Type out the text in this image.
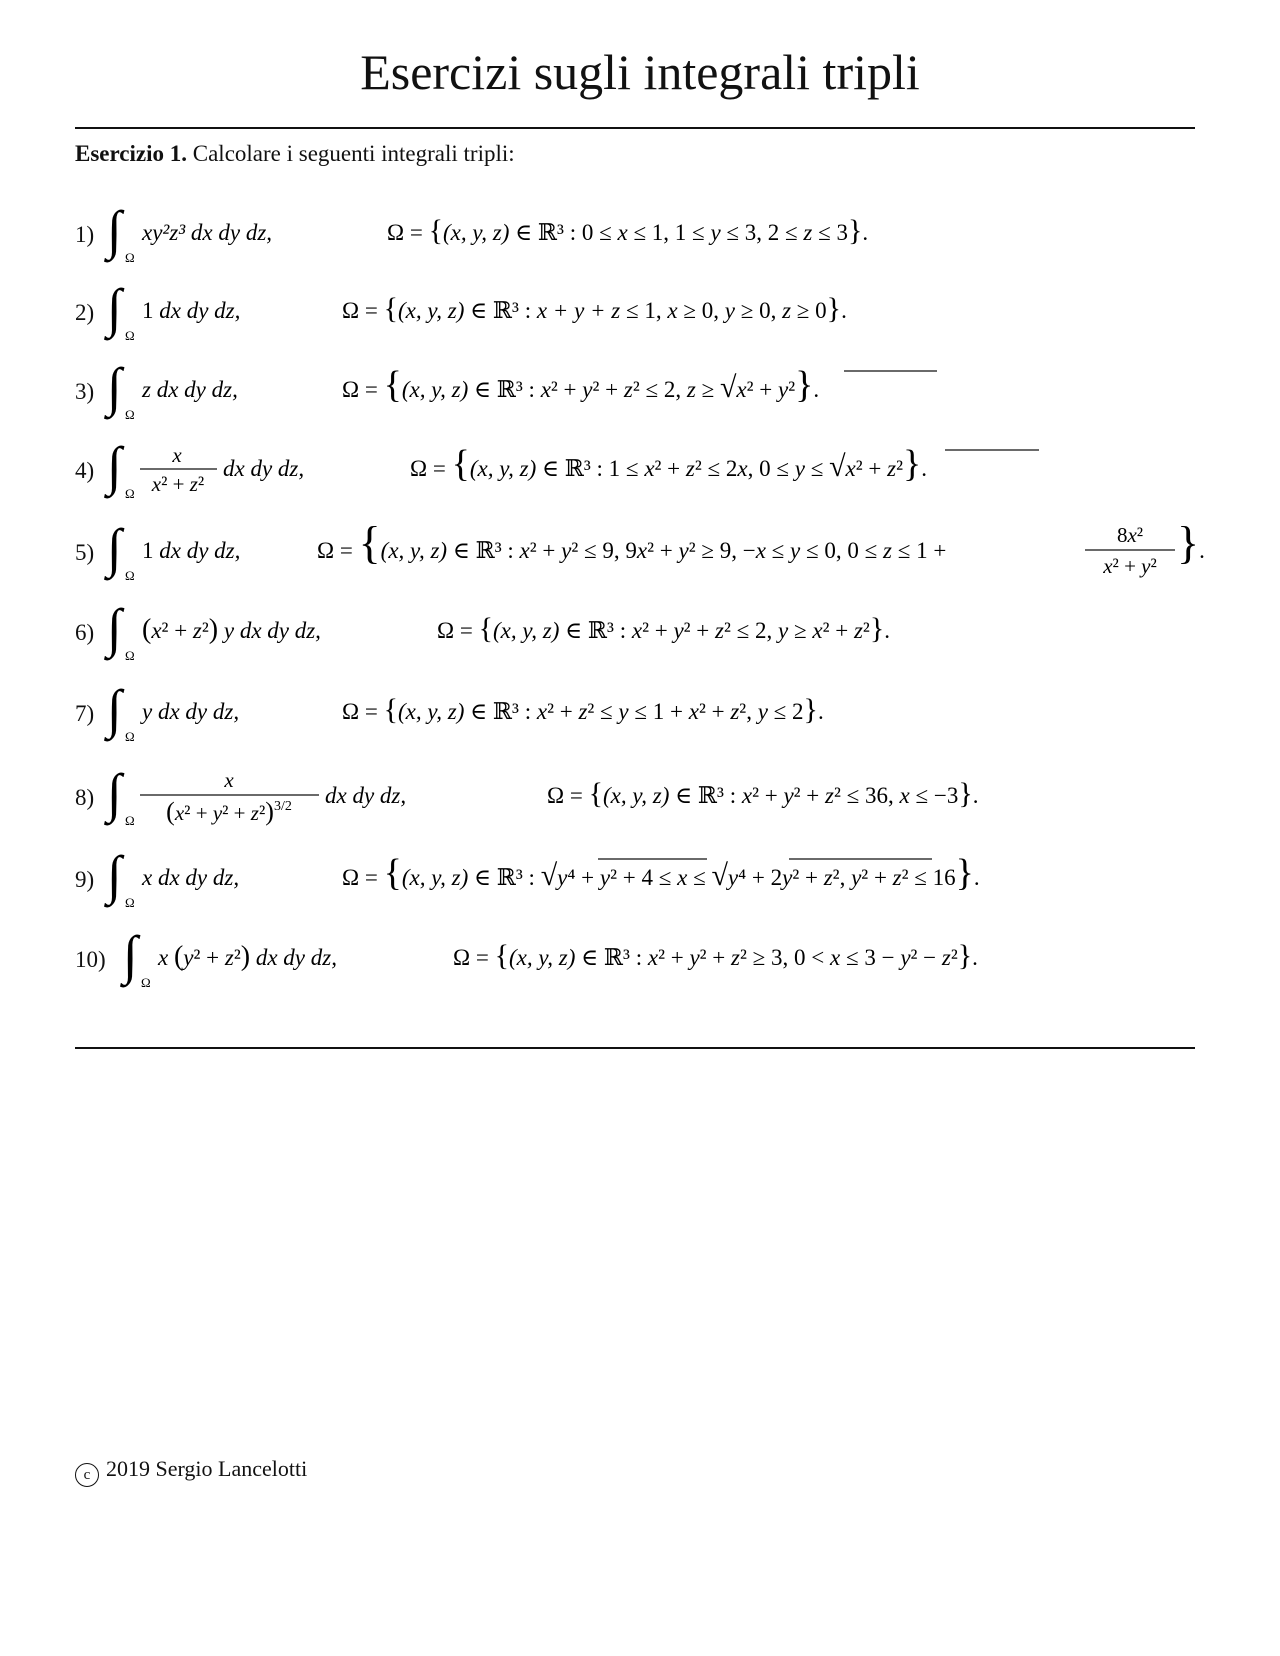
Esercizi sugli integrali tripli
Esercizio 1. Calcolare i seguenti integrali tripli:
1) ∫ Ω
xy²z³ dx dy dz,	Ω = {(x, y, z) ∈ ℝ³ : 0 ≤ x ≤ 1, 1 ≤ y ≤ 3, 2 ≤ z ≤ 3}.
2) ∫ Ω
1 dx dy dz,	Ω = {(x, y, z) ∈ ℝ³ : x + y + z ≤ 1, x ≥ 0, y ≥ 0, z ≥ 0}.
3) ∫ Ω
z dx dy dz,	Ω = {(x, y, z) ∈ ℝ³ : x² + y² + z² ≤ 2, z ≥ √x² + y²}.
4) ∫ Ω
x
x² + z²
dx dy dz,	Ω = {(x, y, z) ∈ ℝ³ : 1 ≤ x² + z² ≤ 2x, 0 ≤ y ≤ √x² + z²}.
5) ∫ Ω
1 dx dy dz,	Ω = {(x, y, z) ∈ ℝ³ : x² + y² ≤ 9, 9x² + y² ≥ 9, −x ≤ y ≤ 0, 0 ≤ z ≤ 1 +
8x²
x² + y² }.
6) ∫ Ω
(x² + z²) y dx dy dz,	Ω = {(x, y, z) ∈ ℝ³ : x² + y² + z² ≤ 2, y ≥ x² + z²}.
7) ∫ Ω
y dx dy dz,	Ω = {(x, y, z) ∈ ℝ³ : x² + z² ≤ y ≤ 1 + x² + z², y ≤ 2}.
8) ∫ Ω
x
$(x^2 + y^2 + z^2)^{3/2}$ dx dy dz,	Ω = {(x, y, z) ∈ ℝ³ : x² + y² + z² ≤ 36, x ≤ −3}.
9) ∫ Ω
x dx dy dz,	Ω = {(x, y, z) ∈ ℝ³ : √y⁴ + y² + 4 ≤ x ≤ √y⁴ + 2y² + z², y² + z² ≤ 16}.
10) ∫ Ω
x (y² + z²) dx dy dz,	Ω = {(x, y, z) ∈ ℝ³ : x² + y² + z² ≥ 3, 0 < x ≤ 3 − y² − z²}.
c 2019 Sergio Lancelotti
